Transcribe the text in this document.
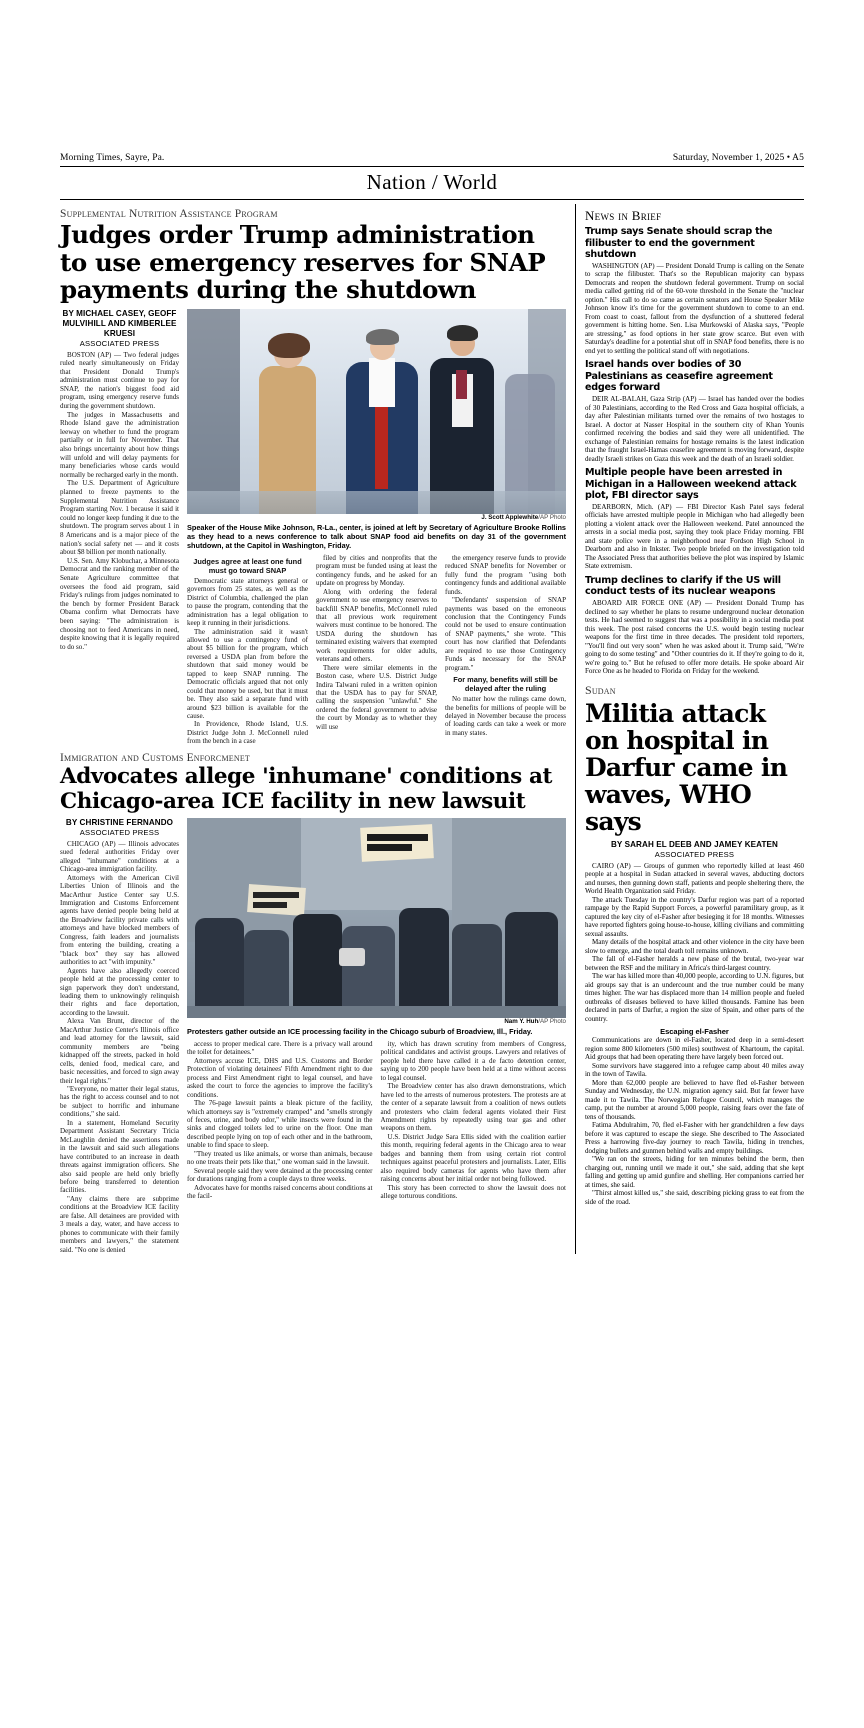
Morning Times, Sayre, Pa.	Saturday, November 1, 2025 • A5
Nation / World
Supplemental Nutrition Assistance Program
Judges order Trump administration to use emergency reserves for SNAP payments during the shutdown
BY MICHAEL CASEY, GEOFF MULVIHILL AND KIMBERLEE KRUESI
ASSOCIATED PRESS

BOSTON (AP) — Two federal judges ruled nearly simultaneously on Friday that President Donald Trump's administration must continue to pay for SNAP, the nation's biggest food aid program, using emergency reserve funds during the government shutdown.

The judges in Massachusetts and Rhode Island gave the administration leeway on whether to fund the program partially or in full for November. That also brings uncertainty about how things will unfold and will delay payments for many beneficiaries whose cards would normally be recharged early in the month.

The U.S. Department of Agriculture planned to freeze payments to the Supplemental Nutrition Assistance Program starting Nov. 1 because it said it could no longer keep funding it due to the shutdown. The program serves about 1 in 8 Americans and is a major piece of the nation's social safety net — and it costs about $8 billion per month nationally.

U.S. Sen. Amy Klobuchar, a Minnesota Democrat and the ranking member of the Senate Agriculture committee that oversees the food aid program, said Friday's rulings from judges nominated to the bench by former President Barack Obama confirm what Democrats have been saying: "The administration is choosing not to feed Americans in need, despite knowing that it is legally required to do so."

J. Scott Applewhite/AP Photo
Speaker of the House Mike Johnson, R-La., center, is joined at left by Secretary of Agriculture Brooke Rollins as they head to a news conference to talk about SNAP food aid benefits on day 31 of the government shutdown, at the Capitol in Washington, Friday.
Judges agree at least one fund must go toward SNAP

Democratic state attorneys general or governors from 25 states, as well as the District of Columbia, challenged the plan to pause the program, contending that the administration has a legal obligation to keep it running in their jurisdictions.

The administration said it wasn't allowed to use a contingency fund of about $5 billion for the program, which reversed a USDA plan from before the shutdown that said money would be tapped to keep SNAP running. The Democratic officials argued that not only could that money be used, but that it must be. They also said a separate fund with around $23 billion is available for the cause.

In Providence, Rhode Island, U.S. District Judge John J. McConnell ruled from the bench in a case

filed by cities and nonprofits that the program must be funded using at least the contingency funds, and he asked for an update on progress by Monday.

Along with ordering the federal government to use emergency reserves to backfill SNAP benefits, McConnell ruled that all previous work requirement waivers must continue to be honored. The USDA during the shutdown has terminated existing waivers that exempted work requirements for older adults, veterans and others.

There were similar elements in the Boston case, where U.S. District Judge Indira Talwani ruled in a written opinion that the USDA has to pay for SNAP, calling the suspension "unlawful." She ordered the federal government to advise the court by Monday as to whether they will use

the emergency reserve funds to provide reduced SNAP benefits for November or fully fund the program "using both contingency funds and additional available funds.

"Defendants' suspension of SNAP payments was based on the erroneous conclusion that the Contingency Funds could not be used to ensure continuation of SNAP payments," she wrote. "This court has now clarified that Defendants are required to use those Contingency Funds as necessary for the SNAP program."

For many, benefits will still be delayed after the ruling

No matter how the rulings came down, the benefits for millions of people will be delayed in November because the process of loading cards can take a week or more in many states.

Immigration and Customs Enforcmenet
Advocates allege 'inhumane' conditions at Chicago-area ICE facility in new lawsuit
BY CHRISTINE FERNANDO
ASSOCIATED PRESS

CHICAGO (AP) — Illinois advocates sued federal authorities Friday over alleged "inhumane" conditions at a Chicago-area immigration facility.

Attorneys with the American Civil Liberties Union of Illinois and the MacArthur Justice Center say U.S. Immigration and Customs Enforcement agents have denied people being held at the Broadview facility private calls with attorneys and have blocked members of Congress, faith leaders and journalists from entering the building, creating a "black box" they say has allowed authorities to act "with impunity."

Agents have also allegedly coerced people held at the processing center to sign paperwork they don't understand, leading them to unknowingly relinquish their rights and face deportation, according to the lawsuit.

Alexa Van Brunt, director of the MacArthur Justice Center's Illinois office and lead attorney for the lawsuit, said community members are "being kidnapped off the streets, packed in hold cells, denied food, medical care, and basic necessities, and forced to sign away their legal rights."

"Everyone, no matter their legal status, has the right to access counsel and to not be subject to horrific and inhumane conditions," she said.

In a statement, Homeland Security Department Assistant Secretary Tricia McLaughlin denied the assertions made in the lawsuit and said such allegations have contributed to an increase in death threats against immigration officers. She also said people are held only briefly before being transferred to detention facilities.

"Any claims there are subprime conditions at the Broadview ICE facility are false. All detainees are provided with 3 meals a day, water, and have access to phones to communicate with their family members and lawyers," the statement said. "No one is denied

Nam Y. Huh/AP Photo
Protesters gather outside an ICE processing facility in the Chicago suburb of Broadview, Ill., Friday.

access to proper medical care. There is a privacy wall around the toilet for detainees."

Attorneys accuse ICE, DHS and U.S. Customs and Border Protection of violating detainees' Fifth Amendment right to due process and First Amendment right to legal counsel, and have asked the court to force the agencies to improve the facility's conditions.

The 76-page lawsuit paints a bleak picture of the facility, which attorneys say is "extremely cramped" and "smells strongly of feces, urine, and body odor," while insects were found in the sinks and clogged toilets led to urine on the floor. One man described people lying on top of each other and in the bathroom, unable to find space to sleep.

"They treated us like animals, or worse than animals, because no one treats their pets like that," one woman said in the lawsuit.

Several people said they were detained at the processing center for durations ranging from a couple days to three weeks.

Advocates have for months raised concerns about conditions at the facil-

ity, which has drawn scrutiny from members of Congress, political candidates and activist groups. Lawyers and relatives of people held there have called it a de facto detention center, saying up to 200 people have been held at a time without access to legal counsel.

The Broadview center has also drawn demonstrations, which have led to the arrests of numerous protesters. The protests are at the center of a separate lawsuit from a coalition of news outlets and protesters who claim federal agents violated their First Amendment rights by repeatedly using tear gas and other weapons on them.

U.S. District Judge Sara Ellis sided with the coalition earlier this month, requiring federal agents in the Chicago area to wear badges and banning them from using certain riot control techniques against peaceful protesters and journalists. Later, Ellis also required body cameras for agents who have them after raising concerns about her initial order not being followed.

This story has been corrected to show the lawsuit does not allege torturous conditions.

News in Brief
Trump says Senate should scrap the filibuster to end the government shutdown

WASHINGTON (AP) — President Donald Trump is calling on the Senate to scrap the filibuster. That's so the Republican majority can bypass Democrats and reopen the shutdown federal government. Trump on social media called getting rid of the 60-vote threshold in the Senate the "nuclear option." His call to do so came as certain senators and House Speaker Mike Johnson know it's time for the government shutdown to come to an end. From coast to coast, fallout from the dysfunction of a shuttered federal government is hitting home. Sen. Lisa Murkowski of Alaska says, "People are stressing," as food options in her state grow scarce. But even with Saturday's deadline for a potential shut off in SNAP food benefits, there is no end yet to settling the political stand off with negotiations.

Israel hands over bodies of 30 Palestinians as ceasefire agreement edges forward

DEIR AL-BALAH, Gaza Strip (AP) — Israel has handed over the bodies of 30 Palestinians, according to the Red Cross and Gaza hospital officials, a day after Palestinian militants turned over the remains of two hostages to Israel. A doctor at Nasser Hospital in the southern city of Khan Younis confirmed receiving the bodies and said they were all unidentified. The exchange of Palestinian remains for hostage remains is the latest indication that the fraught Israel-Hamas ceasefire agreement is moving forward, despite deadly Israeli strikes on Gaza this week and the death of an Israeli soldier.

Multiple people have been arrested in Michigan in a Halloween weekend attack plot, FBI director says

DEARBORN, Mich. (AP) — FBI Director Kash Patel says federal officials have arrested multiple people in Michigan who had allegedly been plotting a violent attack over the Halloween weekend. Patel announced the arrests in a social media post, saying they took place Friday morning. FBI and state police were in a neighborhood near Fordson High School in Dearborn and also in Inkster. Two people briefed on the investigation told The Associated Press that authorities believe the plot was inspired by Islamic State extremism.

Trump declines to clarify if the US will conduct tests of its nuclear weapons

ABOARD AIR FORCE ONE (AP) — President Donald Trump has declined to say whether he plans to resume underground nuclear detonation tests. He had seemed to suggest that was a possibility in a social media post this week. The post raised concerns the U.S. would begin testing nuclear weapons for the first time in three decades. The president told reporters, "You'll find out very soon" when he was asked about it. Trump said, "We're going to do some testing" and "Other countries do it. If they're going to do it, we're going to." But he refused to offer more details. He spoke aboard Air Force One as he headed to Florida on Friday for the weekend.

Sudan
Militia attack on hospital in Darfur came in waves, WHO says
BY SARAH EL DEEB AND JAMEY KEATEN
ASSOCIATED PRESS

CAIRO (AP) — Groups of gunmen who reportedly killed at least 460 people at a hospital in Sudan attacked in several waves, abducting doctors and nurses, then gunning down staff, patients and people sheltering there, the World Health Organization said Friday.

The attack Tuesday in the country's Darfur region was part of a reported rampage by the Rapid Support Forces, a powerful paramilitary group, as it captured the key city of el-Fasher after besieging it for 18 months. Witnesses have reported fighters going house-to-house, killing civilians and committing sexual assaults.

Many details of the hospital attack and other violence in the city have been slow to emerge, and the total death toll remains unknown.

The fall of el-Fasher heralds a new phase of the brutal, two-year war between the RSF and the military in Africa's third-largest country.

The war has killed more than 40,000 people, according to U.N. figures, but aid groups say that is an undercount and the true number could be many times higher. The war has displaced more than 14 million people and fueled outbreaks of diseases believed to have killed thousands. Famine has been declared in parts of Darfur, a region the size of Spain, and other parts of the country.

Escaping el-Fasher

Communications are down in el-Fasher, located deep in a semi-desert region some 800 kilometers (500 miles) southwest of Khartoum, the capital. Aid groups that had been operating there have largely been forced out.

Some survivors have staggered into a refugee camp about 40 miles away in the town of Tawila.

More than 62,000 people are believed to have fled el-Fasher between Sunday and Wednesday, the U.N. migration agency said. But far fewer have made it to Tawila. The Norwegian Refugee Council, which manages the camp, put the number at around 5,000 people, raising fears over the fate of tens of thousands.

Fatima Abdulrahim, 70, fled el-Fasher with her grandchildren a few days before it was captured to escape the siege. She described to The Associated Press a harrowing five-day journey to reach Tawila, hiding in trenches, dodging bullets and gunmen behind walls and empty buildings.

"We ran on the streets, hiding for ten minutes behind the berm, then charging out, running until we made it out," she said, adding that she kept falling and getting up amid gunfire and shelling. Her companions carried her at times, she said.

"Thirst almost killed us," she said, describing picking grass to eat from the side of the road.
